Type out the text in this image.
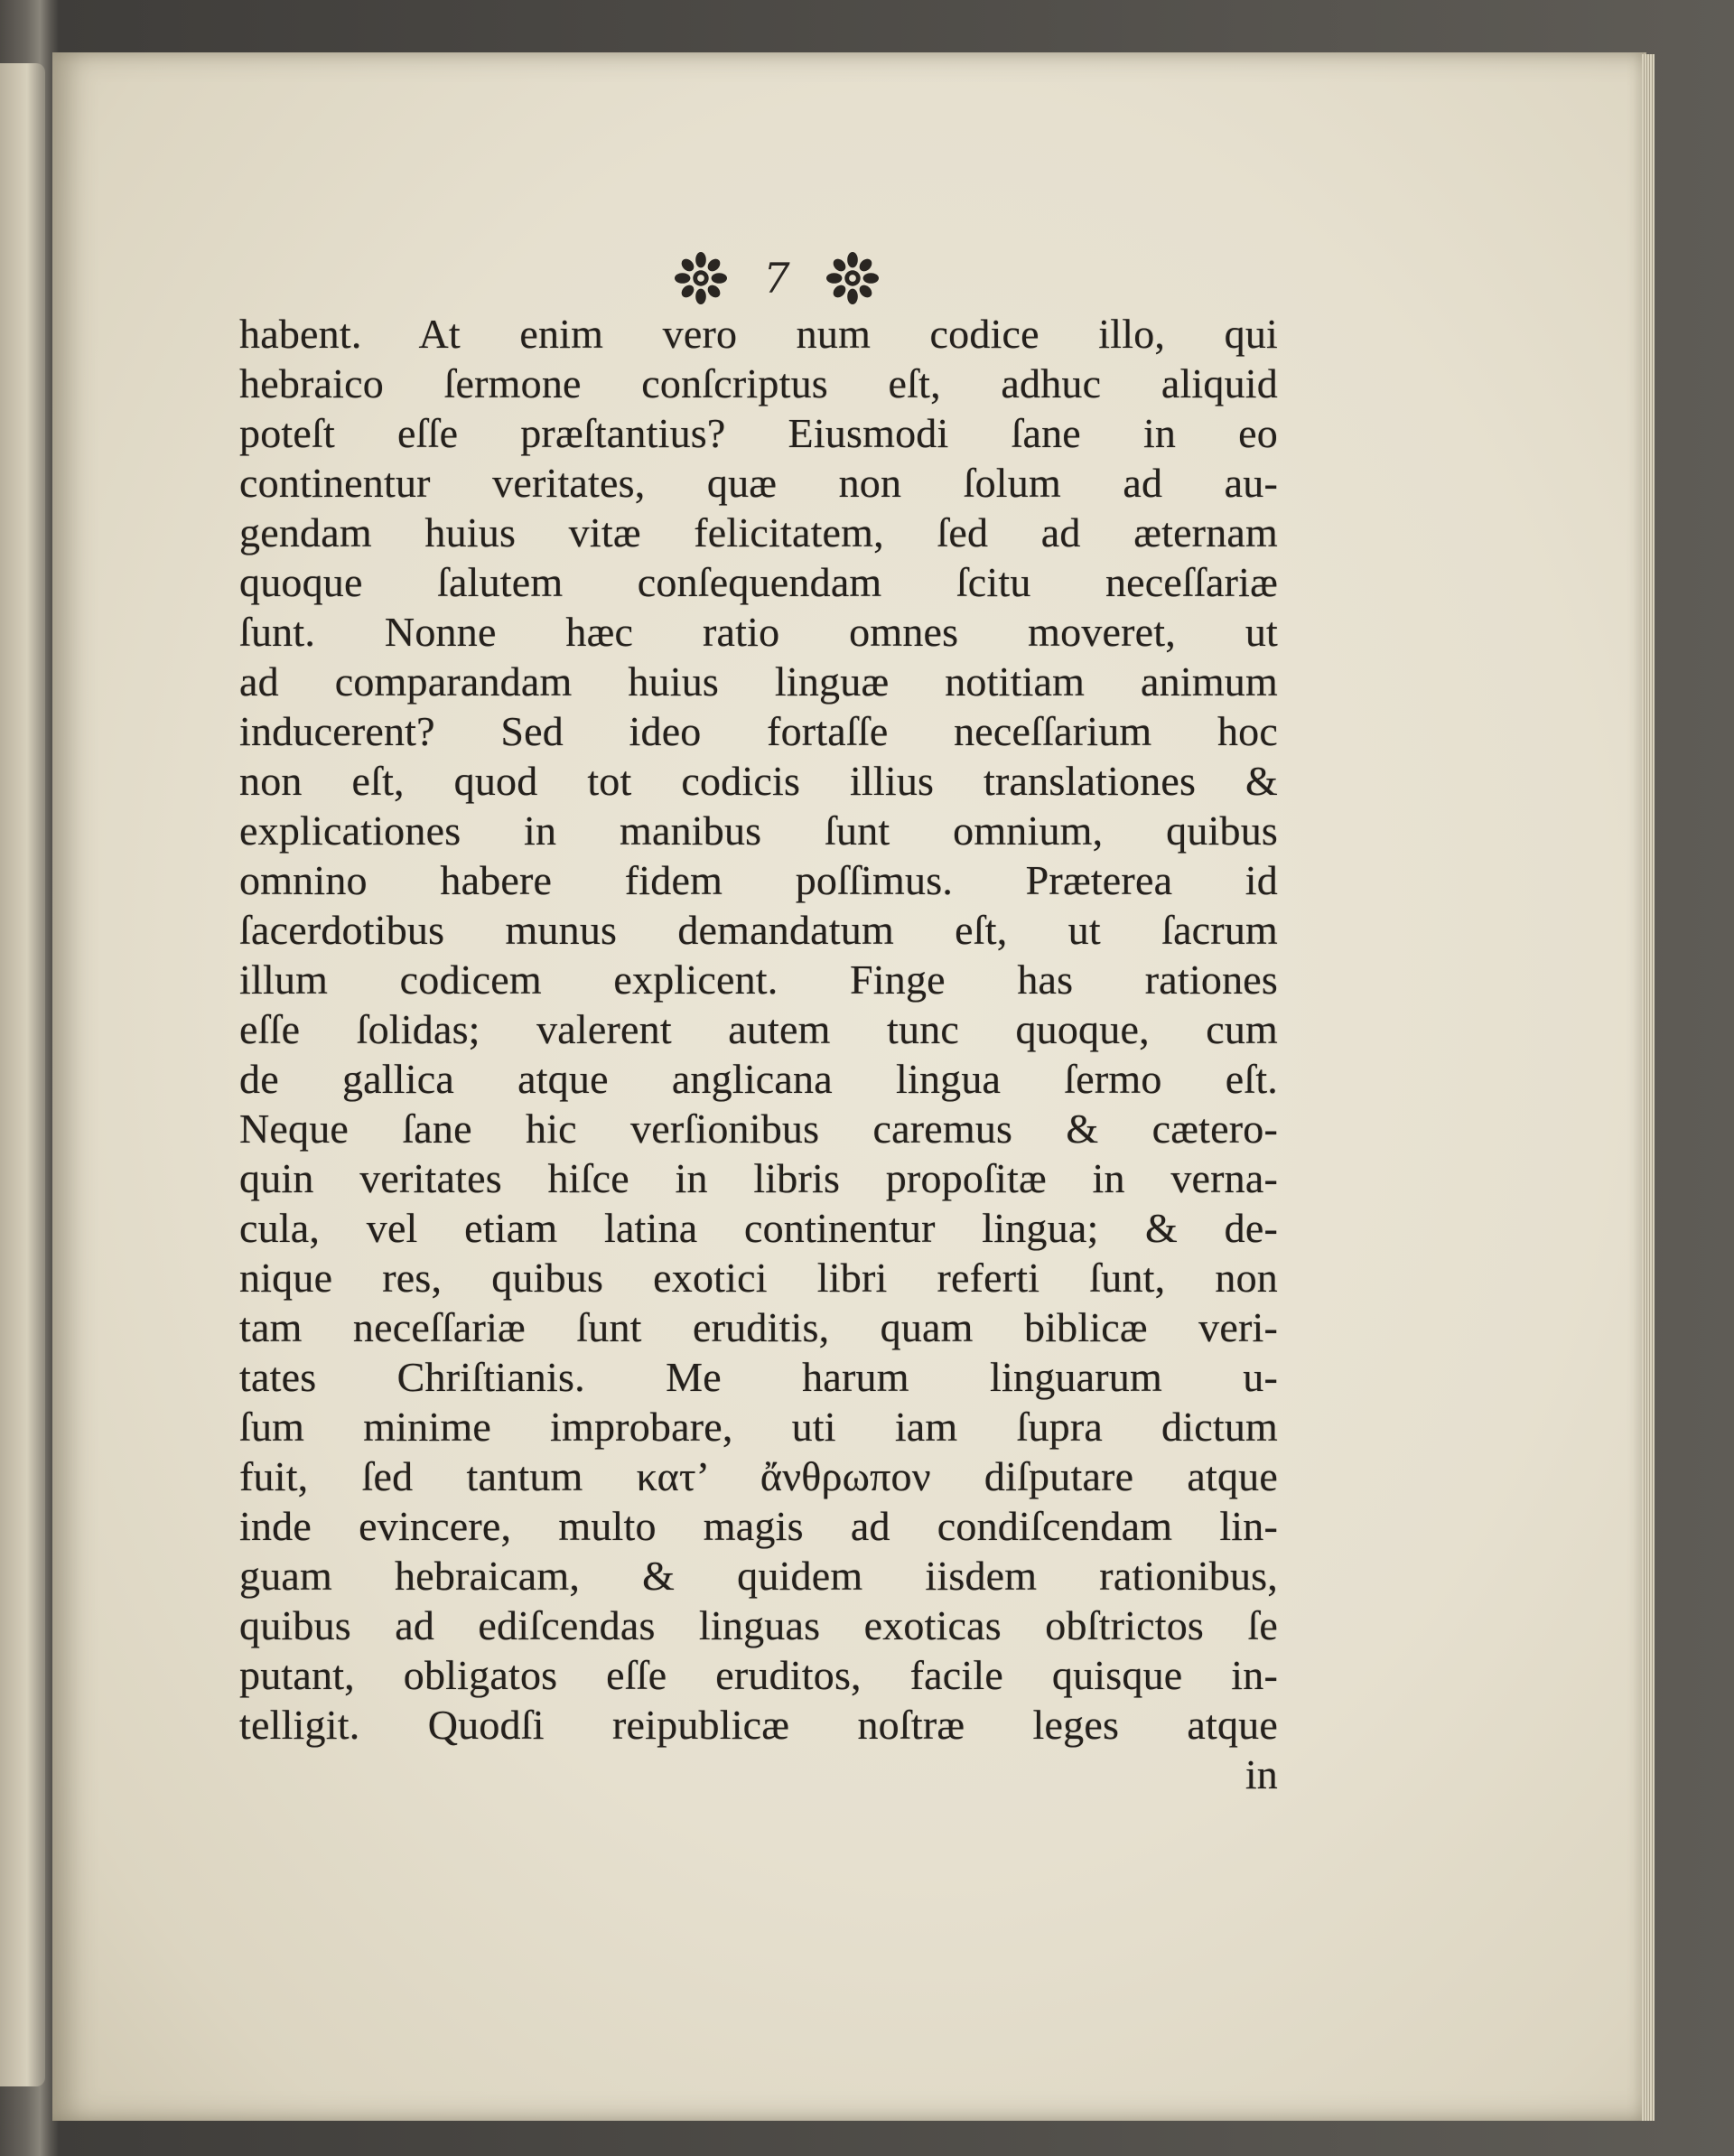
7
habent. At enim vero num codice illo, qui
hebraico ſermone conſcriptus eſt, adhuc aliquid
poteſt eſſe præſtantius? Eiusmodi ſane in eo
continentur veritates, quæ non ſolum ad au-
gendam huius vitæ felicitatem, ſed ad æternam
quoque ſalutem conſequendam ſcitu neceſſariæ
ſunt. Nonne hæc ratio omnes moveret, ut
ad comparandam huius linguæ notitiam animum
inducerent? Sed ideo fortaſſe neceſſarium hoc
non eſt, quod tot codicis illius translationes &
explicationes in manibus ſunt omnium, quibus
omnino habere fidem poſſimus. Præterea id
ſacerdotibus munus demandatum eſt, ut ſacrum
illum codicem explicent. Finge has rationes
eſſe ſolidas; valerent autem tunc quoque, cum
de gallica atque anglicana lingua ſermo eſt.
Neque ſane hic verſionibus caremus & cætero-
quin veritates hiſce in libris propoſitæ in verna-
cula, vel etiam latina continentur lingua; & de-
nique res, quibus exotici libri referti ſunt, non
tam neceſſariæ ſunt eruditis, quam biblicæ veri-
tates Chriſtianis. Me harum linguarum u-
ſum minime improbare, uti iam ſupra dictum
fuit, ſed tantum κατ’ ἄνθρωπον diſputare atque
inde evincere, multo magis ad condiſcendam lin-
guam hebraicam, & quidem iisdem rationibus,
quibus ad ediſcendas linguas exoticas obſtrictos ſe
putant, obligatos eſſe eruditos, facile quisque in-
telligit. Quodſi reipublicæ noſtræ leges atque
in
